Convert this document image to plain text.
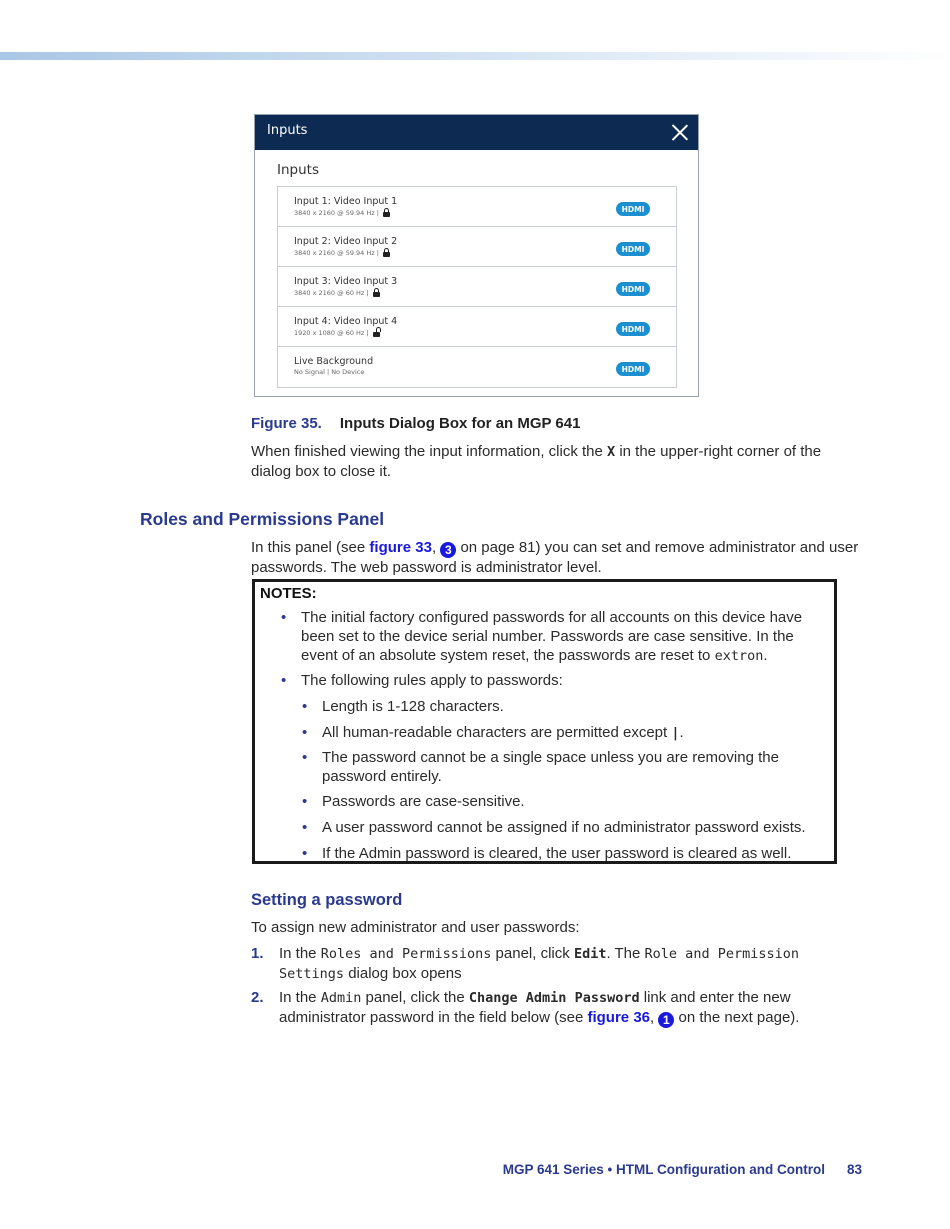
Inputs
Inputs
Input 1: Video Input 1
3840 x 2160 @ 59.94 Hz |	HDMI
Input 2: Video Input 2
3840 x 2160 @ 59.94 Hz |	HDMI
Input 3: Video Input 3
3840 x 2160 @ 60 Hz |	HDMI
Input 4: Video Input 4
1920 x 1080 @ 60 Hz |	HDMI
Live Background
No Signal | No Device	HDMI
Figure 35. Inputs Dialog Box for an MGP 641
When finished viewing the input information, click the X in the upper-right corner of the dialog box to close it.
Roles and Permissions Panel
In this panel (see figure 33, 3 on page 81) you can set and remove administrator and user passwords. The web password is administrator level.
NOTES:
• The initial factory configured passwords for all accounts on this device have been set to the device serial number. Passwords are case sensitive. In the event of an absolute system reset, the passwords are reset to extron.
• The following rules apply to passwords:
• Length is 1-128 characters.
• All human-readable characters are permitted except |.
• The password cannot be a single space unless you are removing the password entirely.
• Passwords are case-sensitive.
• A user password cannot be assigned if no administrator password exists.
• If the Admin password is cleared, the user password is cleared as well.
Setting a password
To assign new administrator and user passwords:
1. In the Roles and Permissions panel, click Edit. The Role and Permission Settings dialog box opens
2. In the Admin panel, click the Change Admin Password link and enter the new administrator password in the field below (see figure 36, 1 on the next page).
MGP 641 Series • HTML Configuration and Control 83
